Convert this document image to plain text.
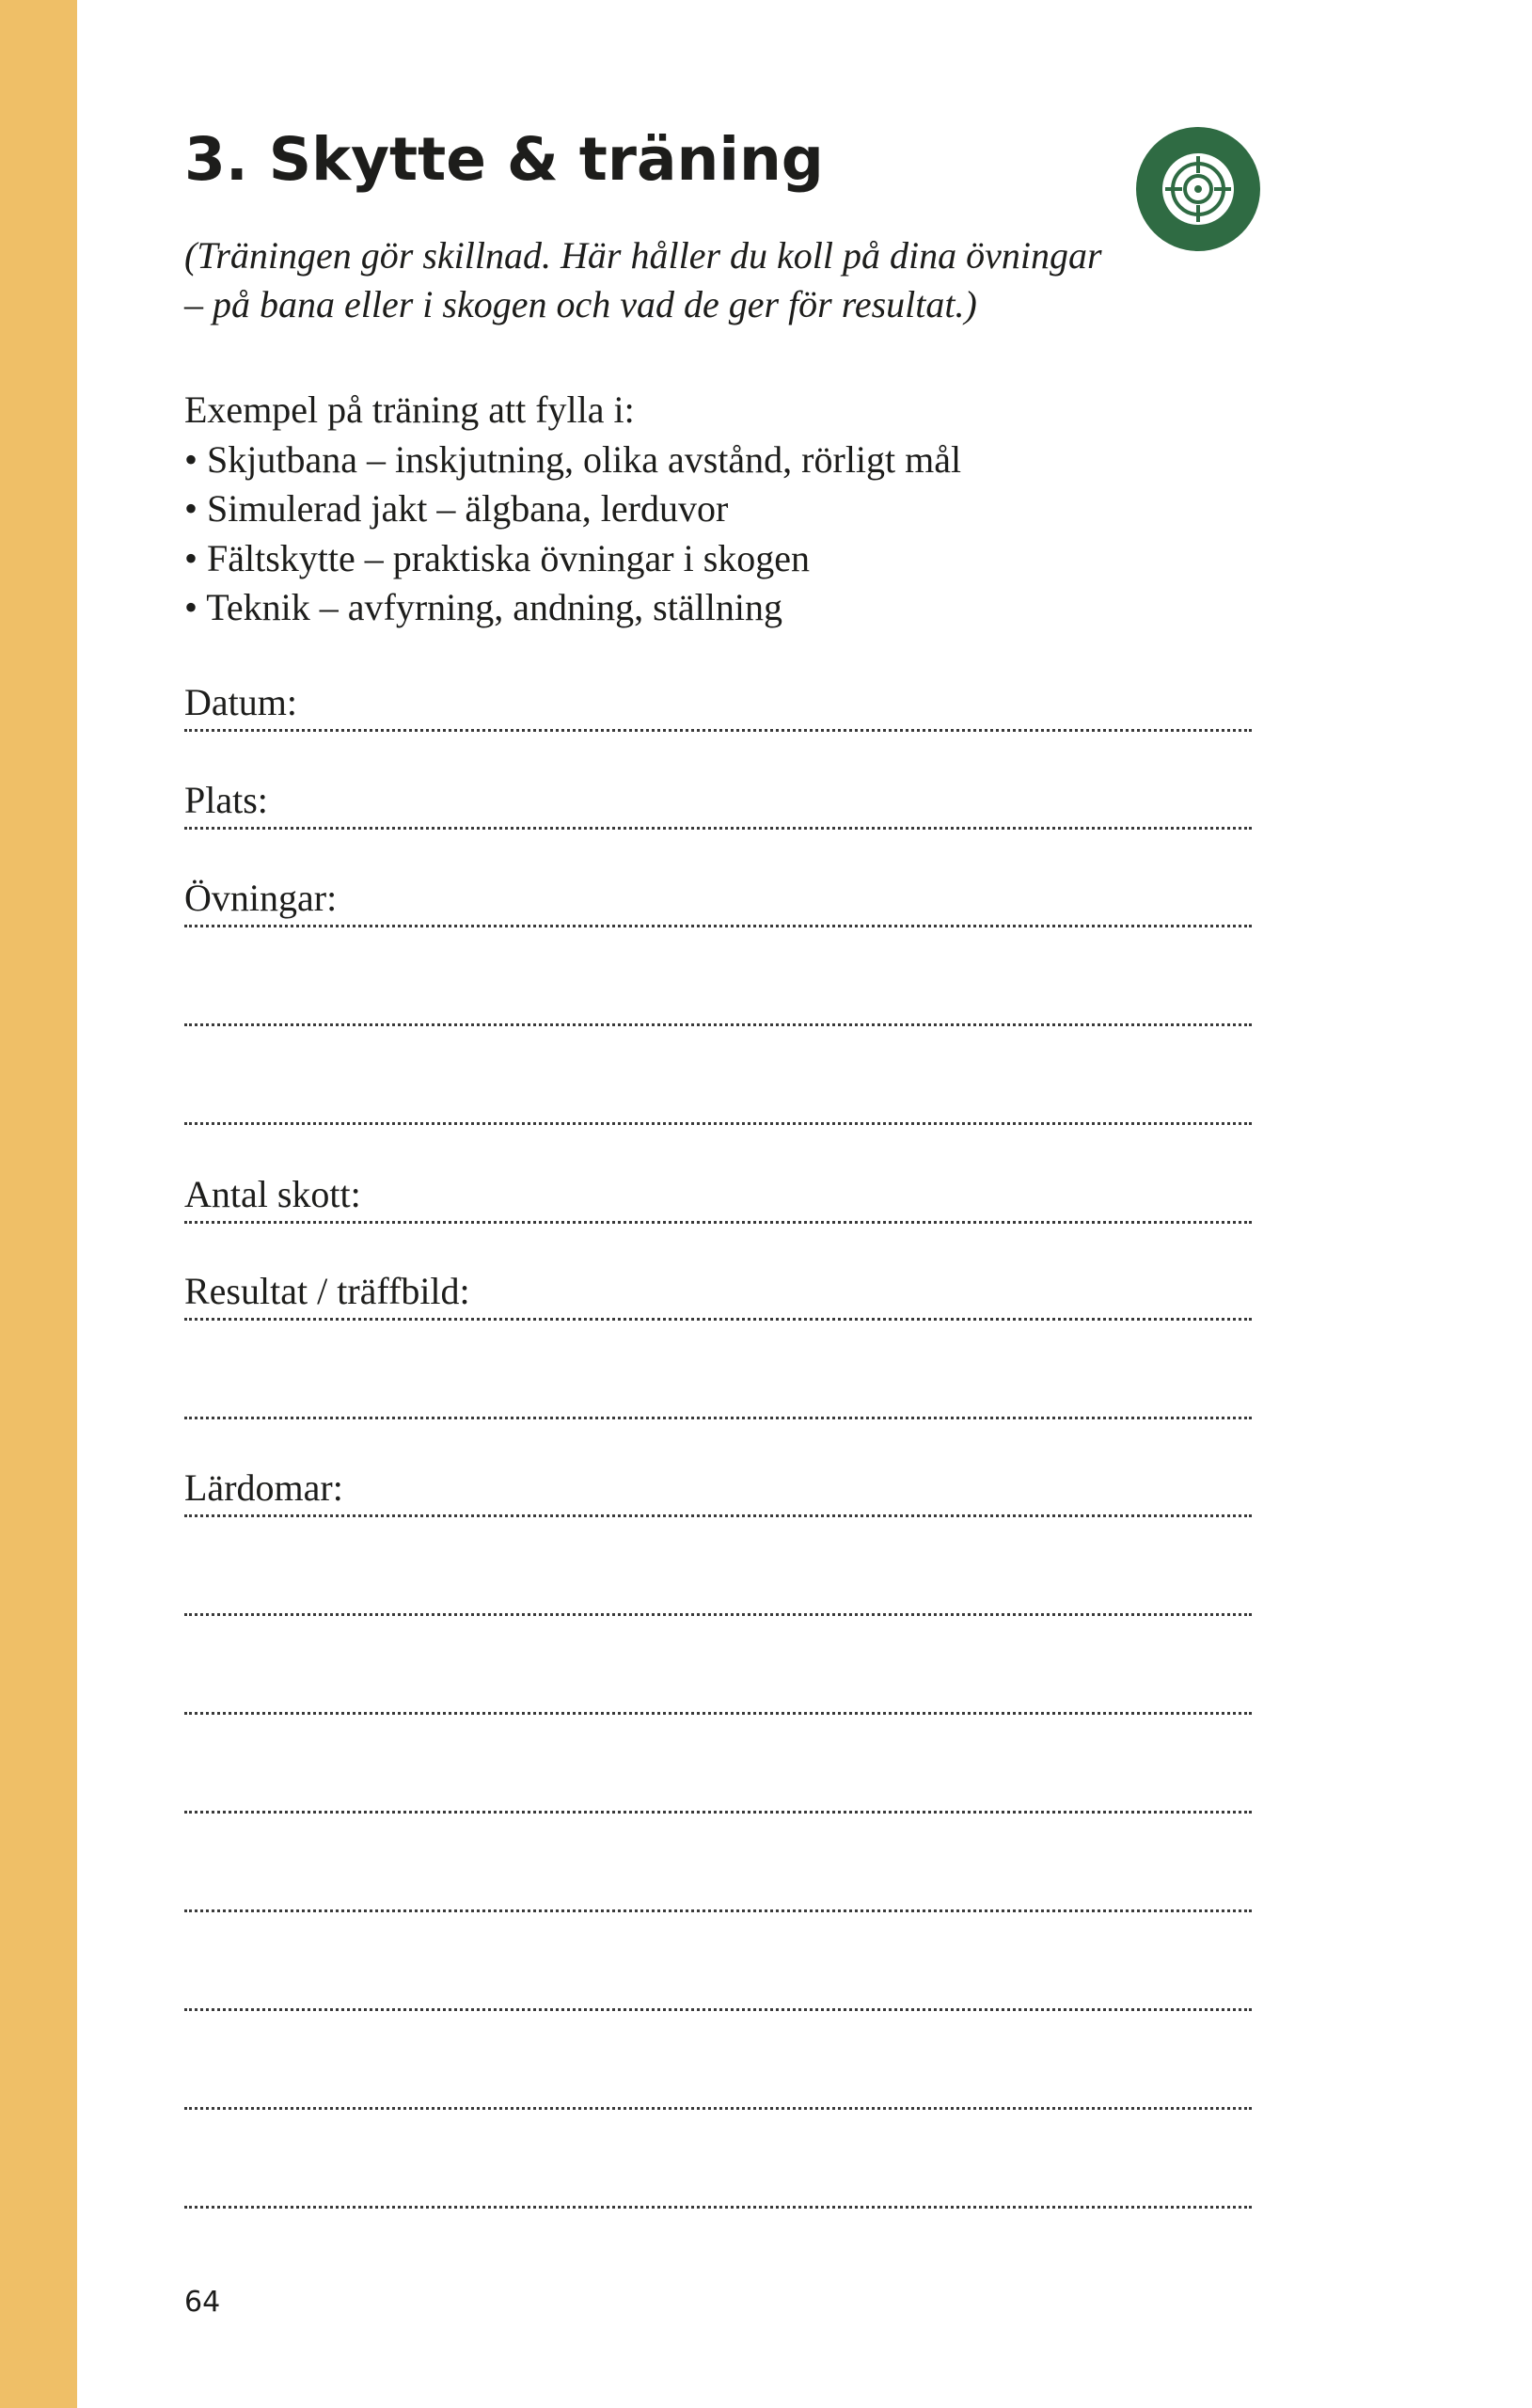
3. Skytte & träning
(Träningen gör skillnad. Här håller du koll på dina övningar
– på bana eller i skogen och vad de ger för resultat.)
Exempel på träning att fylla i:
• Skjutbana – inskjutning, olika avstånd, rörligt mål
• Simulerad jakt – älgbana, lerduvor
• Fältskytte – praktiska övningar i skogen
• Teknik – avfyrning, andning, ställning
Datum:
Plats:
Övningar:
Antal skott:
Resultat / träffbild:
Lärdomar:
64
